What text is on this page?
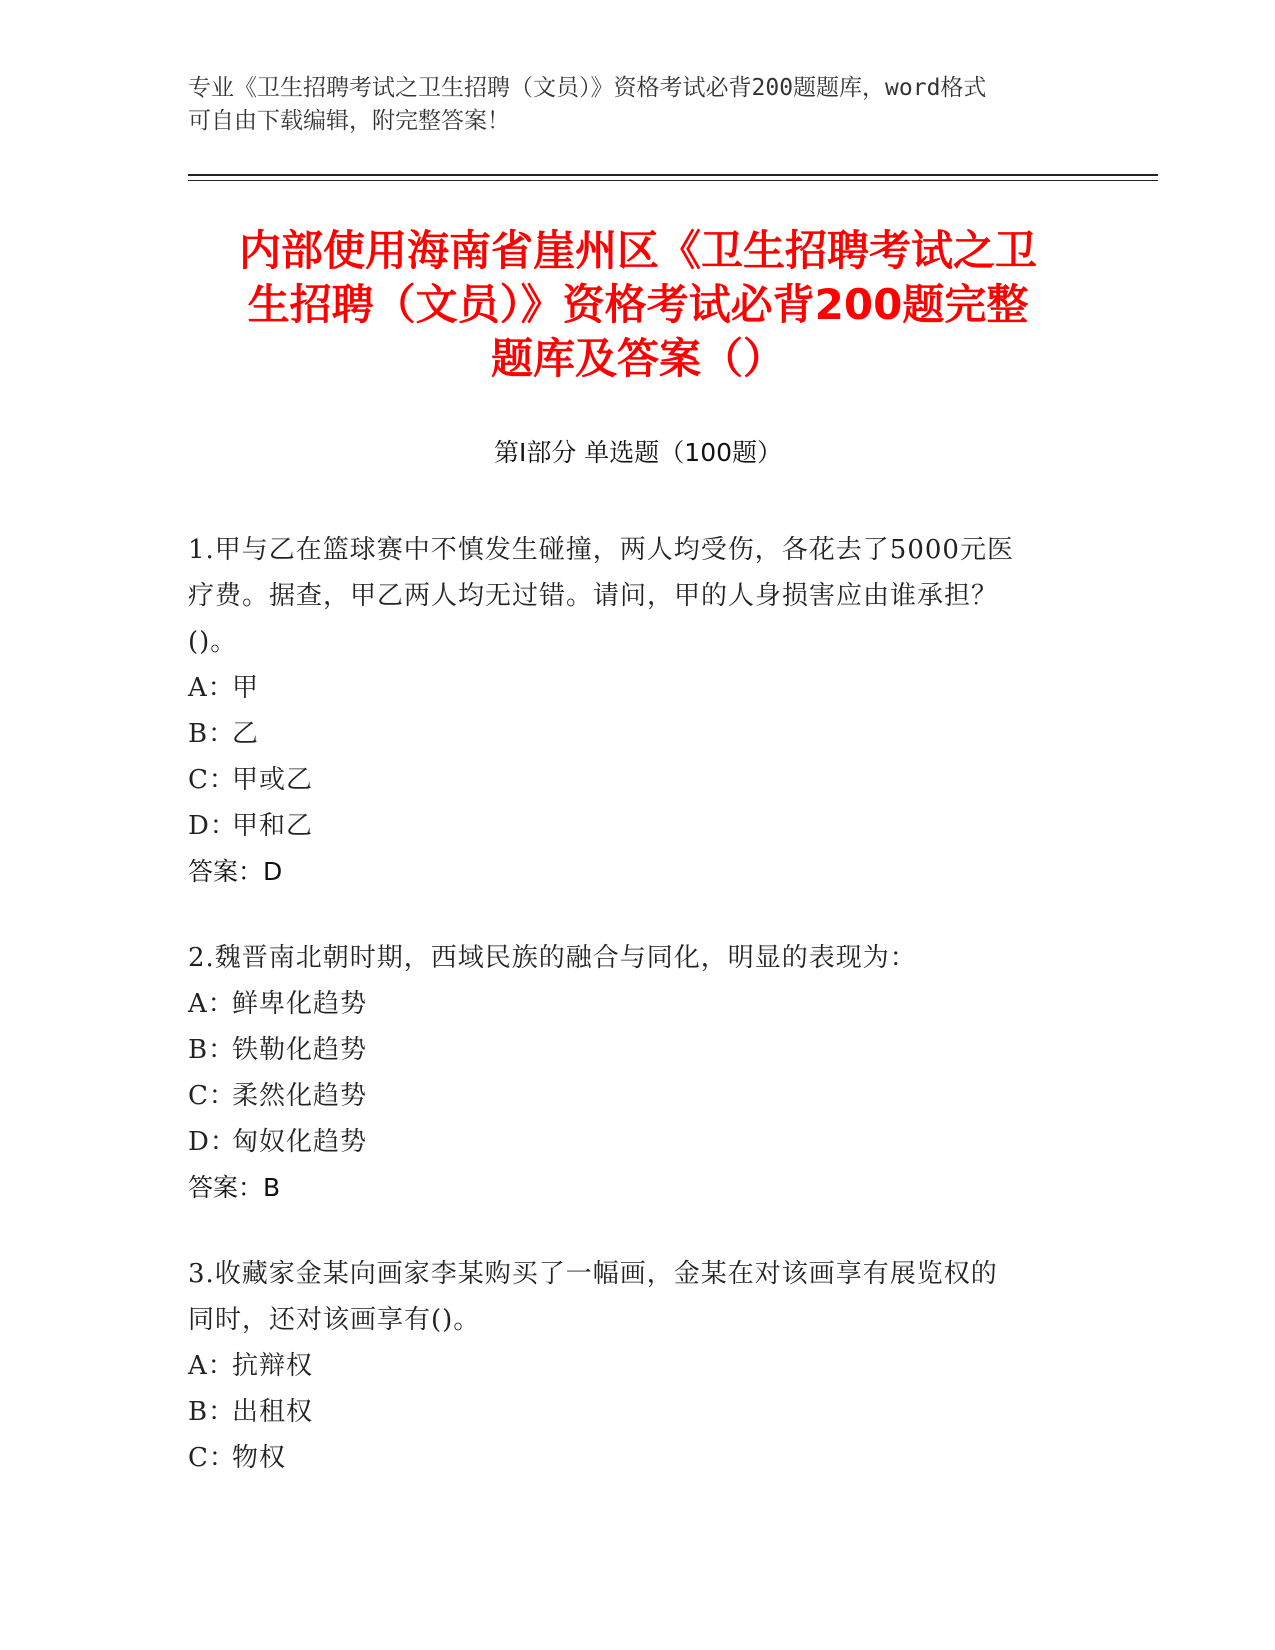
专业《卫生招聘考试之卫生招聘（文员）》资格考试必背200题题库，word格式
可自由下载编辑，附完整答案！
内部使用海南省崖州区《卫生招聘考试之卫
生招聘（文员）》资格考试必背200题完整
题库及答案（）
第Ⅰ部分 单选题（100题）
1.甲与乙在篮球赛中不慎发生碰撞，两人均受伤，各花去了5000元医
疗费。据查，甲乙两人均无过错。请问，甲的人身损害应由谁承担？
()。
A：甲
B：乙
C：甲或乙
D：甲和乙
答案：D
2.魏晋南北朝时期，西域民族的融合与同化，明显的表现为：
A：鲜卑化趋势
B：铁勒化趋势
C：柔然化趋势
D：匈奴化趋势
答案：B
3.收藏家金某向画家李某购买了一幅画，金某在对该画享有展览权的
同时，还对该画享有()。
A：抗辩权
B：出租权
C：物权
